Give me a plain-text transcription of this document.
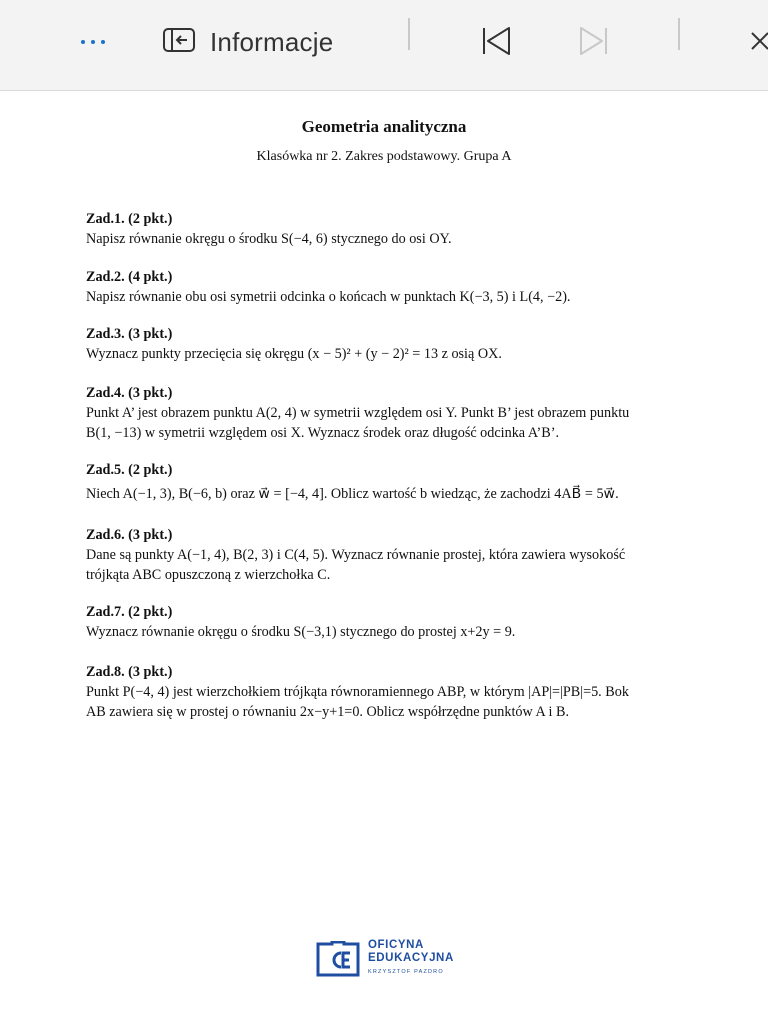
Informacje
Geometria analityczna
Klasówka nr 2. Zakres podstawowy. Grupa A
Zad.1. (2 pkt.)
Napisz równanie okręgu o środku S(−4, 6) stycznego do osi OY.
Zad.2. (4 pkt.)
Napisz równanie obu osi symetrii odcinka o końcach w punktach K(−3, 5) i L(4, −2).
Zad.3. (3 pkt.)
Wyznacz punkty przecięcia się okręgu (x − 5)² + (y − 2)² = 13 z osią OX.
Zad.4. (3 pkt.)
Punkt A’ jest obrazem punktu A(2, 4) w symetrii względem osi Y. Punkt B’ jest obrazem punktu
B(1, −13) w symetrii względem osi X. Wyznacz środek oraz długość odcinka A’B’.
Zad.5. (2 pkt.)
Niech A(−1, 3), B(−6, b) oraz w⃗ = [−4, 4]. Oblicz wartość b wiedząc, że zachodzi 4AB⃗ = 5w⃗.
Zad.6. (3 pkt.)
Dane są punkty A(−1, 4), B(2, 3) i C(4, 5). Wyznacz równanie prostej, która zawiera wysokość
trójkąta ABC opuszczoną z wierzchołka C.
Zad.7. (2 pkt.)
Wyznacz równanie okręgu o środku S(−3,1) stycznego do prostej x+2y = 9.
Zad.8. (3 pkt.)
Punkt P(−4, 4) jest wierzchołkiem trójkąta równoramiennego ABP, w którym |AP|=|PB|=5. Bok
AB zawiera się w prostej o równaniu 2x−y+1=0. Oblicz współrzędne punktów A i B.
OFICYNA
EDUKACYJNA
KRZYSZTOF PAZDRO
